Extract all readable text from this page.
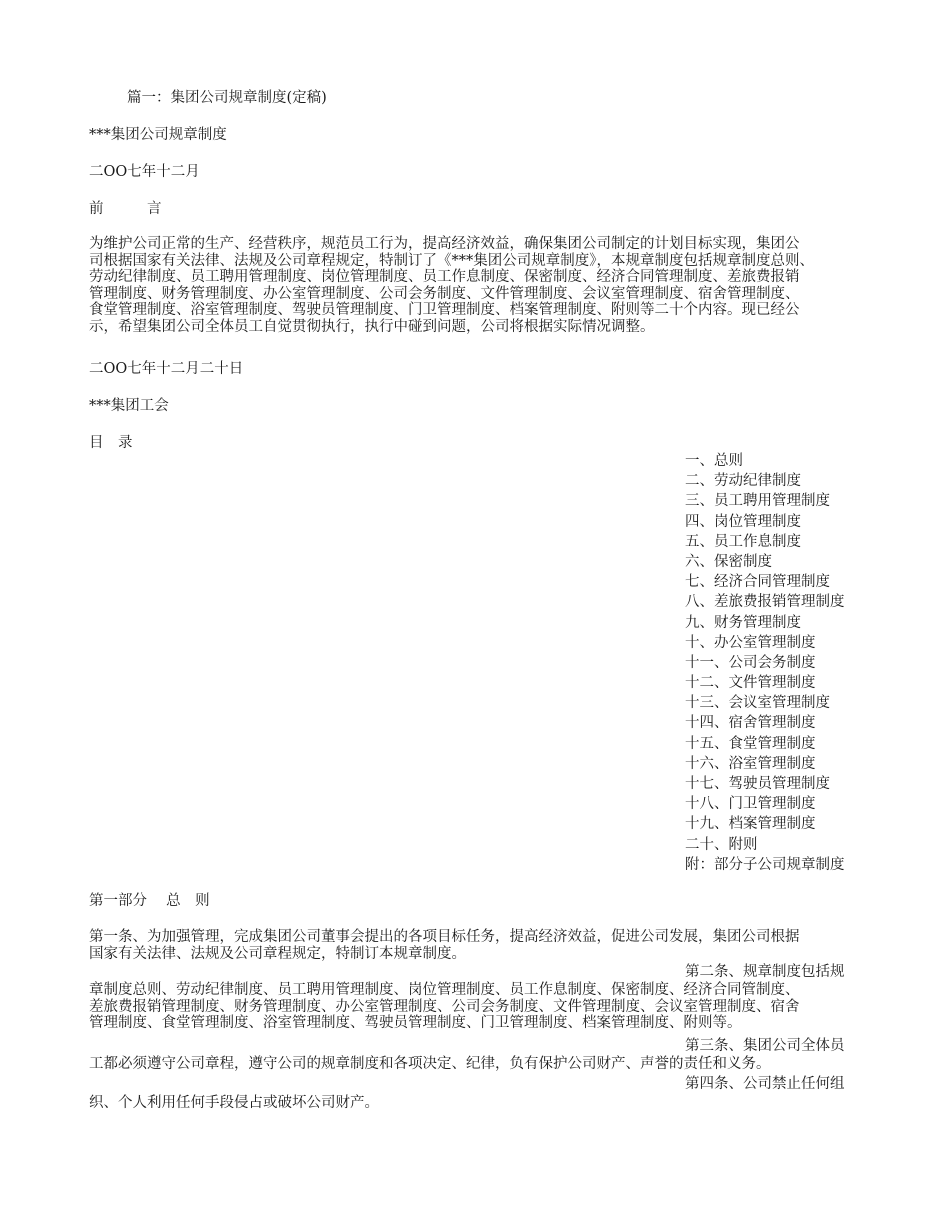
篇一：集团公司规章制度(定稿)
***集团公司规章制度
二OO七年十二月
前　　　言

为维护公司正常的生产、经营秩序，规范员工行为，提高经济效益，确保集团公司制定的计划目标实现，集团公

司根据国家有关法律、法规及公司章程规定，特制订了《***集团公司规章制度》，本规章制度包括规章制度总则、

劳动纪律制度、员工聘用管理制度、岗位管理制度、员工作息制度、保密制度、经济合同管理制度、差旅费报销

管理制度、财务管理制度、办公室管理制度、公司会务制度、文件管理制度、会议室管理制度、宿舍管理制度、

食堂管理制度、浴室管理制度、驾驶员管理制度、门卫管理制度、档案管理制度、附则等二十个内容。现已经公

示，希望集团公司全体员工自觉贯彻执行，执行中碰到问题，公司将根据实际情况调整。

二OO七年十二月二十日
***集团工会
目　录
一、总则
二、劳动纪律制度
三、员工聘用管理制度
四、岗位管理制度
五、员工作息制度
六、保密制度
七、经济合同管理制度
八、差旅费报销管理制度
九、财务管理制度
十、办公室管理制度
十一、公司会务制度
十二、文件管理制度
十三、会议室管理制度
十四、宿舍管理制度
十五、食堂管理制度
十六、浴室管理制度
十七、驾驶员管理制度
十八、门卫管理制度
十九、档案管理制度
二十、附则
附：部分子公司规章制度
第一部分　 总　则

第一条、为加强管理，完成集团公司董事会提出的各项目标任务，提高经济效益，促进公司发展，集团公司根据

国家有关法律、法规及公司章程规定，特制订本规章制度。

第二条、规章制度包括规

章制度总则、劳动纪律制度、员工聘用管理制度、岗位管理制度、员工作息制度、保密制度、经济合同管制度、

差旅费报销管理制度、财务管理制度、办公室管理制度、公司会务制度、文件管理制度、会议室管理制度、宿舍

管理制度、食堂管理制度、浴室管理制度、驾驶员管理制度、门卫管理制度、档案管理制度、附则等。

第三条、集团公司全体员

工都必须遵守公司章程，遵守公司的规章制度和各项决定、纪律，负有保护公司财产、声誉的责任和义务。

第四条、公司禁止任何组

织、个人利用任何手段侵占或破坏公司财产。
